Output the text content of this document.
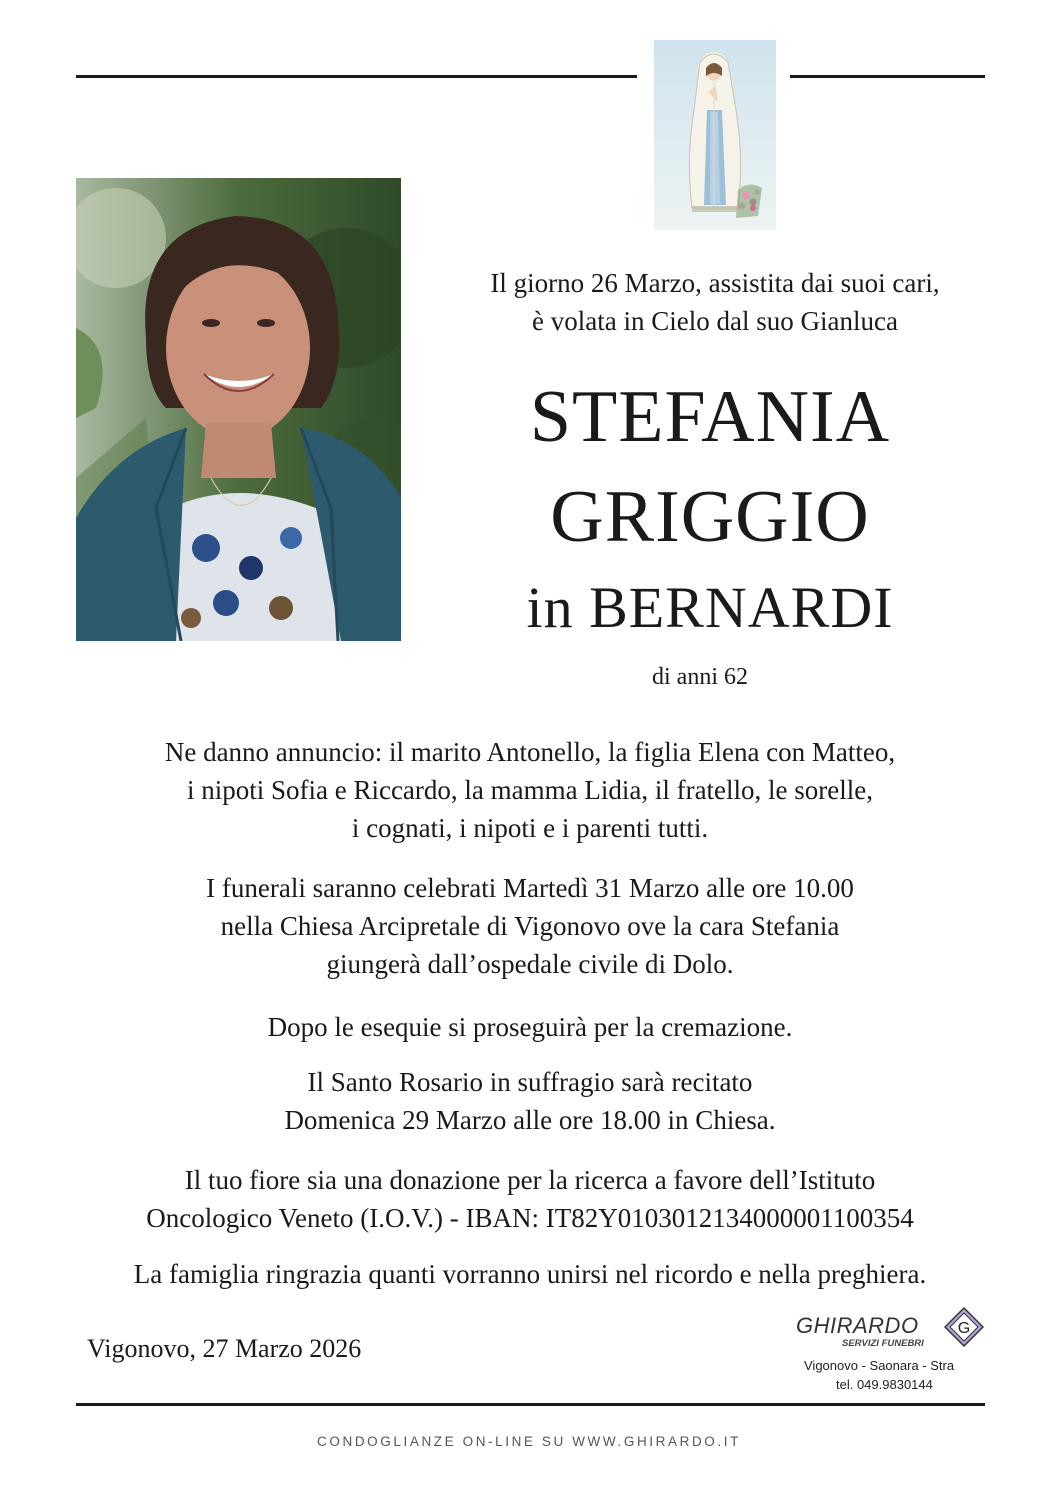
Il giorno 26 Marzo, assistita dai suoi cari,
è volata in Cielo dal suo Gianluca
STEFANIA
GRIGGIO
in BERNARDI
di anni 62

Ne danno annuncio: il marito Antonello, la figlia Elena con Matteo,

i nipoti Sofia e Riccardo, la mamma Lidia, il fratello, le sorelle,

i cognati, i nipoti e i parenti tutti.

I funerali saranno celebrati Martedì 31 Marzo alle ore 10.00

nella Chiesa Arcipretale di Vigonovo ove la cara Stefania

giungerà dall’ospedale civile di Dolo.

Dopo le esequie si proseguirà per la cremazione.

Il Santo Rosario in suffragio sarà recitato

Domenica 29 Marzo alle ore 18.00 in Chiesa.

Il tuo fiore sia una donazione per la ricerca a favore dell’Istituto

Oncologico Veneto (I.O.V.) - IBAN: IT82Y0103012134000001100354

La famiglia ringrazia quanti vorranno unirsi nel ricordo e nella preghiera.

Vigonovo, 27 Marzo 2026
GHIRARDO
SERVIZI FUNEBRI
G
Vigonovo - Saonara - Stra
tel. 049.9830144
CONDOGLIANZE ON-LINE SU WWW.GHIRARDO.IT
